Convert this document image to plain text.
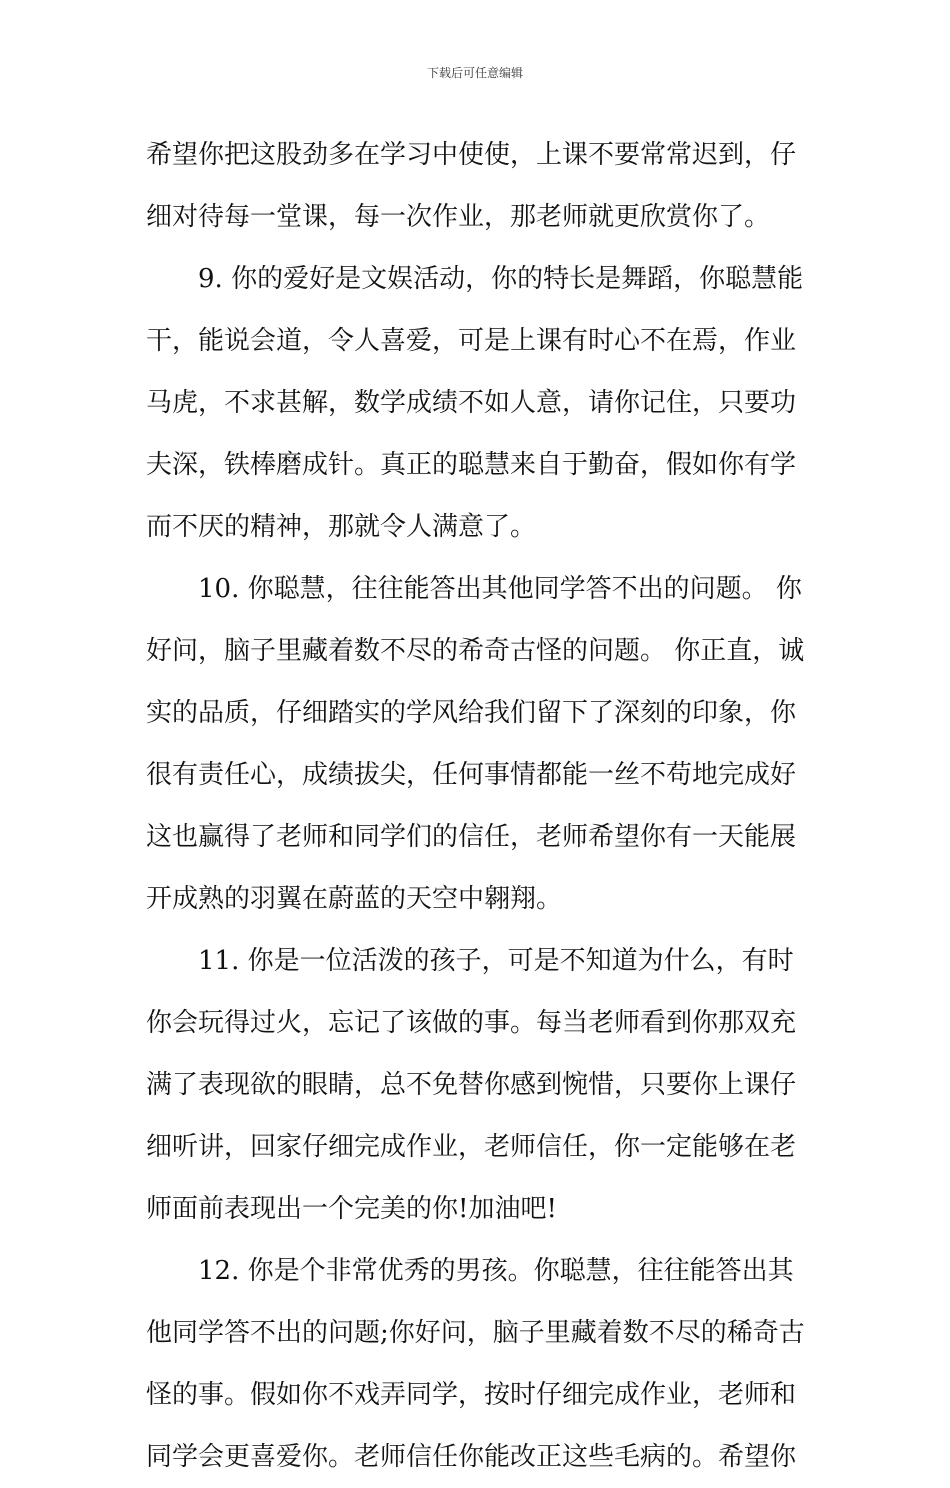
下载后可任意编辑
希望你把这股劲多在学习中使使，上课不要常常迟到，仔
细对待每一堂课，每一次作业，那老师就更欣赏你了。
9. 你的爱好是文娱活动，你的特长是舞蹈，你聪慧能
干，能说会道，令人喜爱，可是上课有时心不在焉，作业
马虎，不求甚解，数学成绩不如人意，请你记住，只要功
夫深，铁棒磨成针。真正的聪慧来自于勤奋，假如你有学
而不厌的精神，那就令人满意了。
10. 你聪慧，往往能答出其他同学答不出的问题。 你
好问，脑子里藏着数不尽的希奇古怪的问题。 你正直，诚
实的品质，仔细踏实的学风给我们留下了深刻的印象，你
很有责任心，成绩拔尖，任何事情都能一丝不苟地完成好
这也赢得了老师和同学们的信任，老师希望你有一天能展
开成熟的羽翼在蔚蓝的天空中翱翔。
11. 你是一位活泼的孩子，可是不知道为什么，有时
你会玩得过火，忘记了该做的事。每当老师看到你那双充
满了表现欲的眼睛，总不免替你感到惋惜，只要你上课仔
细听讲，回家仔细完成作业，老师信任，你一定能够在老
师面前表现出一个完美的你!加油吧!
12. 你是个非常优秀的男孩。你聪慧，往往能答出其
他同学答不出的问题;你好问，脑子里藏着数不尽的稀奇古
怪的事。假如你不戏弄同学，按时仔细完成作业，老师和
同学会更喜爱你。老师信任你能改正这些毛病的。希望你
